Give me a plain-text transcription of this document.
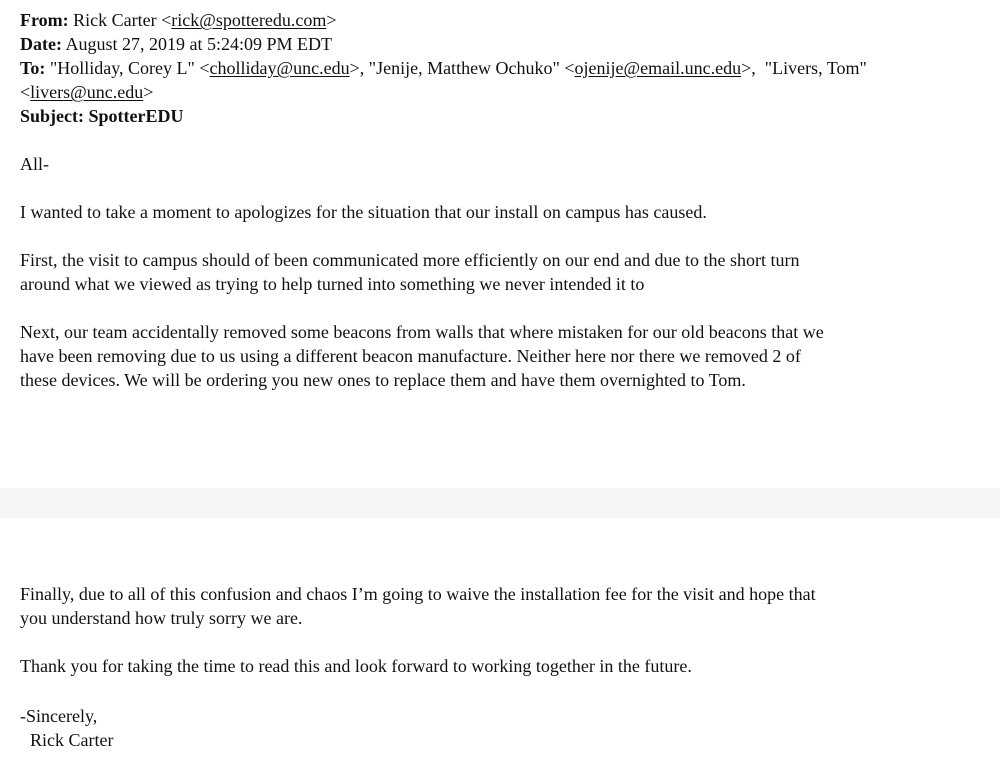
From: Rick Carter <rick@spotteredu.com>
Date: August 27, 2019 at 5:24:09 PM EDT
To: "Holliday, Corey L" <cholliday@unc.edu>, "Jenije, Matthew Ochuko" <ojenije@email.unc.edu>,  "Livers, Tom" <livers@unc.edu>
Subject: SpotterEDU

All-

I wanted to take a moment to apologizes for the situation that our install on campus has caused.

First, the visit to campus should of been communicated more efficiently on our end and due to the short turn
around what we viewed as trying to help turned into something we never intended it to
Next, our team accidentally removed some beacons from walls that where mistaken for our old beacons that we
have been removing due to us using a different beacon manufacture. Neither here nor there we removed 2 of
these devices. We will be ordering you new ones to replace them and have them overnighted to Tom.
Finally, due to all of this confusion and chaos I’m going to waive the installation fee for the visit and hope that
you understand how truly sorry we are.

Thank you for taking the time to read this and look forward to working together in the future.

-Sincerely,
Rick Carter
